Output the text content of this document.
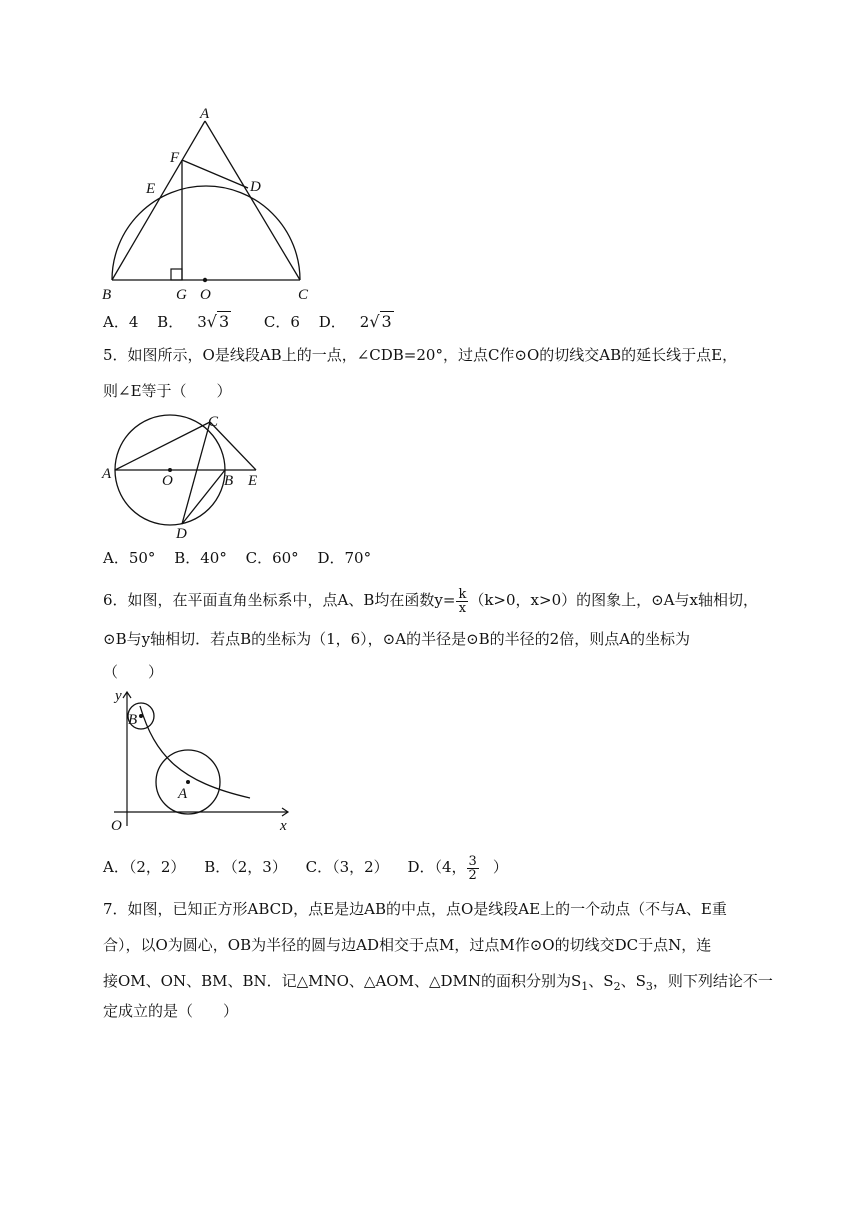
A
F
E	D
B	G O	C
A．4 B． 3√ 3 C．6 D． 2√ 3
5．如图所示，O是线段AB上的一点，∠CDB=20°，过点C作⊙O的切线交AB的延长线于点E，
则∠E等于（　　）
A	O	B E
C
D
A．50° B．40° C．60° D．70°
6．如图，在平面直角坐标系中，点A、B均在函数$y= \frac{k}{x} (k>0$，x>0）的图象上，⊙A与x轴相切，
⊙B与y轴相切．若点B的坐标为（1，6），⊙A的半径是⊙B的半径的2倍，则点A的坐标为
（　　）
y
B
A
O	x
A．（2，2） B．（2，3） C．（3，2） D．（4， $\frac{3}{2}$ ）
7．如图，已知正方形ABCD，点E是边AB的中点，点O是线段AE上的一个动点（不与A、E重
合），以O为圆心，OB为半径的圆与边AD相交于点M，过点M作⊙O的切线交DC于点N，连
接OM、ON、BM、BN．记△MNO、△AOM、△DMN的面积分别为$S_1$、$S_2$、$S_3$，则下列结论不一
定成立的是（　　）
